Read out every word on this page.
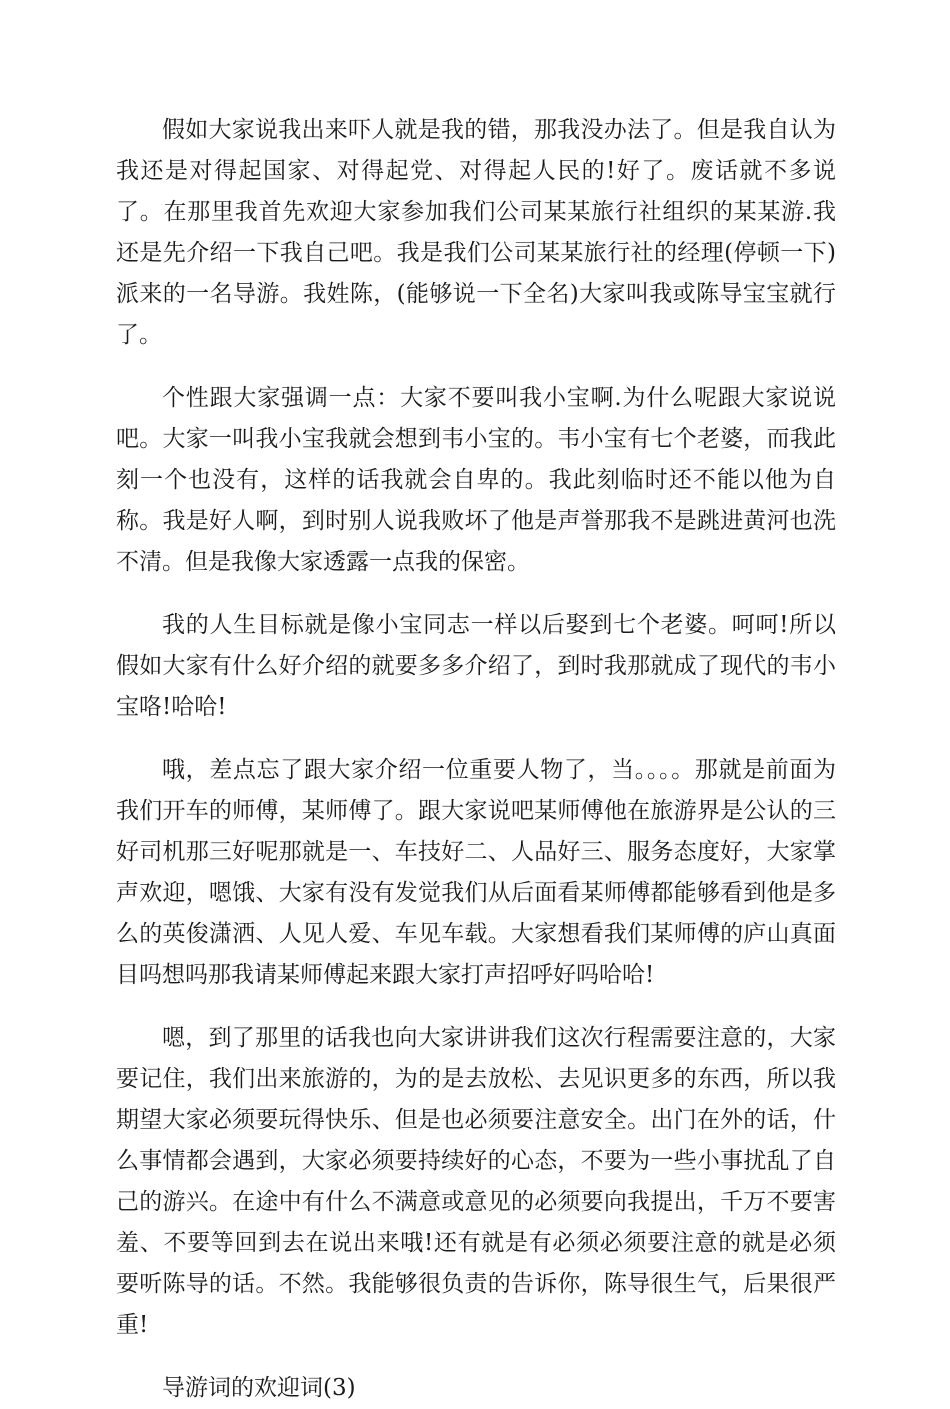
假如大家说我出来吓人就是我的错，那我没办法了。但是我自认为我还是对得起国家、对得起党、对得起人民的!好了。废话就不多说了。在那里我首先欢迎大家参加我们公司某某旅行社组织的某某游.我还是先介绍一下我自己吧。我是我们公司某某旅行社的经理(停顿一下)派来的一名导游。我姓陈，(能够说一下全名)大家叫我或陈导宝宝就行了。

个性跟大家强调一点：大家不要叫我小宝啊.为什么呢跟大家说说吧。大家一叫我小宝我就会想到韦小宝的。韦小宝有七个老婆，而我此刻一个也没有，这样的话我就会自卑的。我此刻临时还不能以他为自称。我是好人啊，到时别人说我败坏了他是声誉那我不是跳进黄河也洗不清。但是我像大家透露一点我的保密。

我的人生目标就是像小宝同志一样以后娶到七个老婆。呵呵!所以假如大家有什么好介绍的就要多多介绍了，到时我那就成了现代的韦小宝咯!哈哈!

哦，差点忘了跟大家介绍一位重要人物了，当。。。。那就是前面为我们开车的师傅，某师傅了。跟大家说吧某师傅他在旅游界是公认的三好司机那三好呢那就是一、车技好二、人品好三、服务态度好，大家掌声欢迎，嗯饿、大家有没有发觉我们从后面看某师傅都能够看到他是多么的英俊潇洒、人见人爱、车见车载。大家想看我们某师傅的庐山真面目吗想吗那我请某师傅起来跟大家打声招呼好吗哈哈!

嗯，到了那里的话我也向大家讲讲我们这次行程需要注意的，大家要记住，我们出来旅游的，为的是去放松、去见识更多的东西，所以我期望大家必须要玩得快乐、但是也必须要注意安全。出门在外的话，什么事情都会遇到，大家必须要持续好的心态，不要为一些小事扰乱了自己的游兴。在途中有什么不满意或意见的必须要向我提出，千万不要害羞、不要等回到去在说出来哦!还有就是有必须必须要注意的就是必须要听陈导的话。不然。我能够很负责的告诉你，陈导很生气，后果很严重!

导游词的欢迎词(3)
